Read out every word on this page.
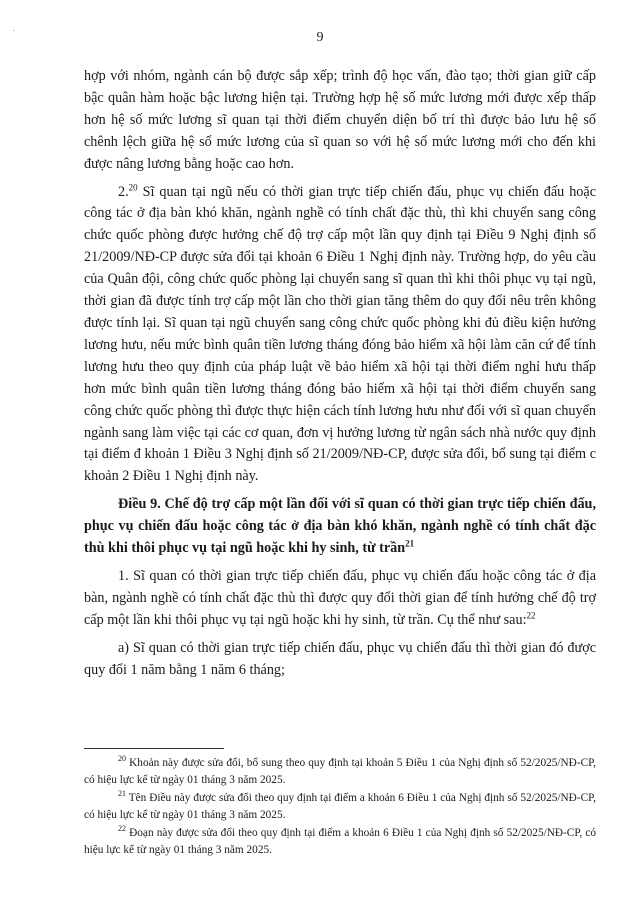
·	9

hợp với nhóm, ngành cán bộ được sắp xếp; trình độ học vấn, đào tạo; thời gian giữ cấp bậc quân hàm hoặc bậc lương hiện tại. Trường hợp hệ số mức lương mới được xếp thấp hơn hệ số mức lương sĩ quan tại thời điểm chuyển diện bố trí thì được bảo lưu hệ số chênh lệch giữa hệ số mức lương của sĩ quan so với hệ số mức lương mới cho đến khi được nâng lương bằng hoặc cao hơn.

2.20 Sĩ quan tại ngũ nếu có thời gian trực tiếp chiến đấu, phục vụ chiến đấu hoặc công tác ở địa bàn khó khăn, ngành nghề có tính chất đặc thù, thì khi chuyển sang công chức quốc phòng được hưởng chế độ trợ cấp một lần quy định tại Điều 9 Nghị định số 21/2009/NĐ-CP được sửa đổi tại khoản 6 Điều 1 Nghị định này. Trường hợp, do yêu cầu của Quân đội, công chức quốc phòng lại chuyển sang sĩ quan thì khi thôi phục vụ tại ngũ, thời gian đã được tính trợ cấp một lần cho thời gian tăng thêm do quy đổi nêu trên không được tính lại. Sĩ quan tại ngũ chuyển sang công chức quốc phòng khi đủ điều kiện hưởng lương hưu, nếu mức bình quân tiền lương tháng đóng bảo hiểm xã hội làm căn cứ để tính lương hưu theo quy định của pháp luật về bảo hiểm xã hội tại thời điểm nghỉ hưu thấp hơn mức bình quân tiền lương tháng đóng bảo hiểm xã hội tại thời điểm chuyển sang công chức quốc phòng thì được thực hiện cách tính lương hưu như đối với sĩ quan chuyển ngành sang làm việc tại các cơ quan, đơn vị hưởng lương từ ngân sách nhà nước quy định tại điểm đ khoản 1 Điều 3 Nghị định số 21/2009/NĐ-CP, được sửa đổi, bổ sung tại điểm c khoản 2 Điều 1 Nghị định này.

Điều 9. Chế độ trợ cấp một lần đối với sĩ quan có thời gian trực tiếp chiến đấu, phục vụ chiến đấu hoặc công tác ở địa bàn khó khăn, ngành nghề có tính chất đặc thù khi thôi phục vụ tại ngũ hoặc khi hy sinh, từ trần$^{21}$

1. Sĩ quan có thời gian trực tiếp chiến đấu, phục vụ chiến đấu hoặc công tác ở địa bàn, ngành nghề có tính chất đặc thù thì được quy đổi thời gian để tính hưởng chế độ trợ cấp một lần khi thôi phục vụ tại ngũ hoặc khi hy sinh, từ trần. Cụ thể như sau:$^{22}$

a) Sĩ quan có thời gian trực tiếp chiến đấu, phục vụ chiến đấu thì thời gian đó được quy đổi 1 năm bằng 1 năm 6 tháng;

$^{20}$ Khoản này được sửa đổi, bổ sung theo quy định tại khoản 5 Điều 1 của Nghị định số 52/2025/NĐ-CP, có hiệu lực kể từ ngày 01 tháng 3 năm 2025.

$^{21}$ Tên Điều này được sửa đổi theo quy định tại điểm a khoản 6 Điều 1 của Nghị định số 52/2025/NĐ-CP, có hiệu lực kể từ ngày 01 tháng 3 năm 2025.

$^{22}$ Đoạn này được sửa đổi theo quy định tại điểm a khoản 6 Điều 1 của Nghị định số 52/2025/NĐ-CP, có hiệu lực kể từ ngày 01 tháng 3 năm 2025.
